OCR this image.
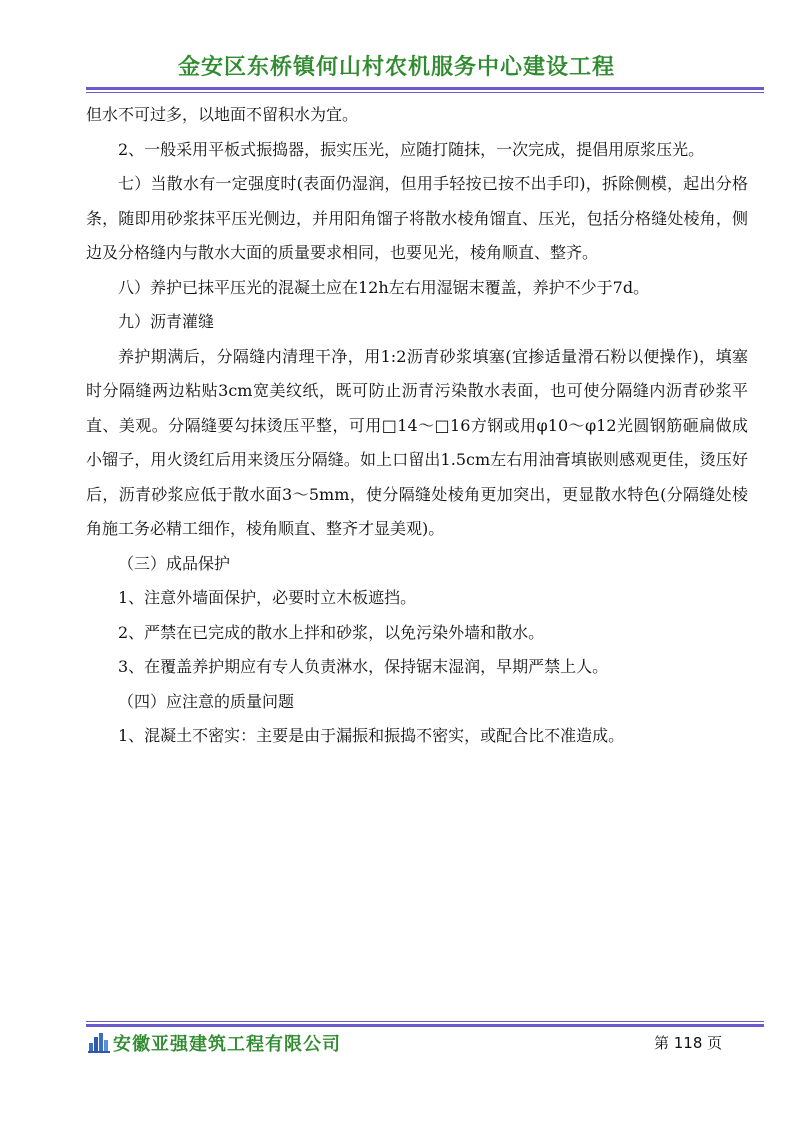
金安区东桥镇何山村农机服务中心建设工程

但水不可过多，以地面不留积水为宜。

2、一般采用平板式振捣器，振实压光，应随打随抹，一次完成，提倡用原浆压光。

七）当散水有一定强度时(表面仍湿润，但用手轻按已按不出手印)，拆除侧模，起出分格条，随即用砂浆抹平压光侧边，并用阳角馏子将散水棱角馏直、压光，包括分格缝处棱角，侧边及分格缝内与散水大面的质量要求相同，也要见光，棱角顺直、整齐。

八）养护已抹平压光的混凝土应在12h左右用湿锯末覆盖，养护不少于7d。

九）沥青灌缝

养护期满后，分隔缝内清理干净，用1:2沥青砂浆填塞(宜掺适量滑石粉以便操作)，填塞时分隔缝两边粘贴3cm宽美纹纸，既可防止沥青污染散水表面，也可使分隔缝内沥青砂浆平直、美观。分隔缝要勾抹烫压平整，可用□14～□16方钢或用φ10～φ12光圆钢筋砸扁做成小镏子，用火烫红后用来烫压分隔缝。如上口留出1.5cm左右用油膏填嵌则感观更佳，烫压好后，沥青砂浆应低于散水面3～5mm，使分隔缝处棱角更加突出，更显散水特色(分隔缝处棱角施工务必精工细作，棱角顺直、整齐才显美观)。

（三）成品保护

1、注意外墙面保护，必要时立木板遮挡。

2、严禁在已完成的散水上拌和砂浆，以免污染外墙和散水。

3、在覆盖养护期应有专人负责淋水，保持锯末湿润，早期严禁上人。

（四）应注意的质量问题

1、混凝土不密实：主要是由于漏振和振捣不密实，或配合比不准造成。

安徽亚强建筑工程有限公司	第 118 页
